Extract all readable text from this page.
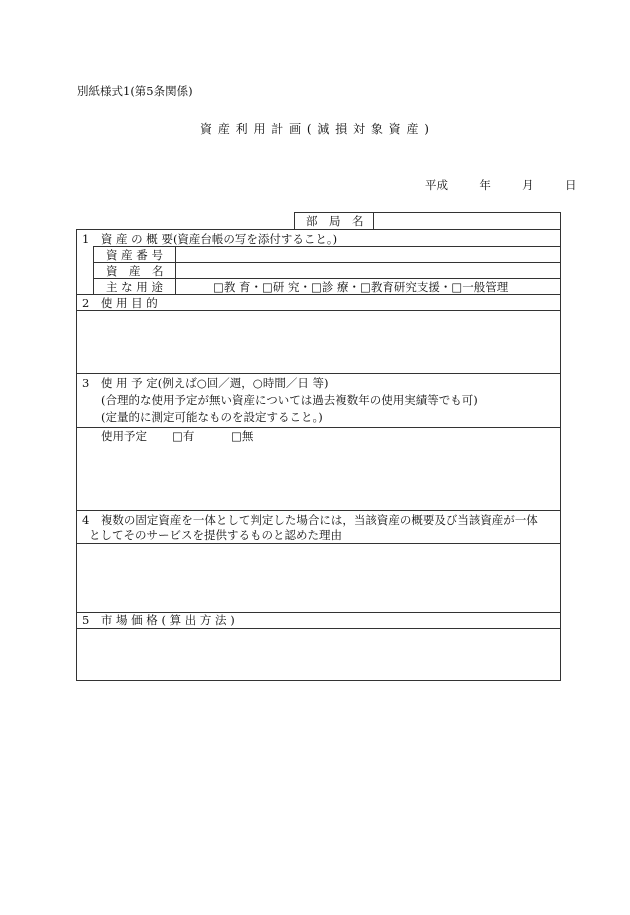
別紙様式1(第5条関係)
資 産 利 用 計 画 ( 減 損 対 象 資 産 )
平成	年	月	日
部　局　名
1　資 産 の 概 要(資産台帳の写を添付すること。)
資 産 番 号
資　産　名
主 な 用 途	□教 育・□研 究・□診 療・□教育研究支援・□一般管理
2　使 用 目 的
3　使 用 予 定(例えば○回／週，○時間／日 等)
(合理的な使用予定が無い資産については過去複数年の使用実績等でも可)
(定量的に測定可能なものを設定すること。)
使用予定 □有	□無
4　複数の固定資産を一体として判定した場合には，当該資産の概要及び当該資産が一体
としてそのサービスを提供するものと認めた理由
5　市 場 価 格 ( 算 出 方 法 )
